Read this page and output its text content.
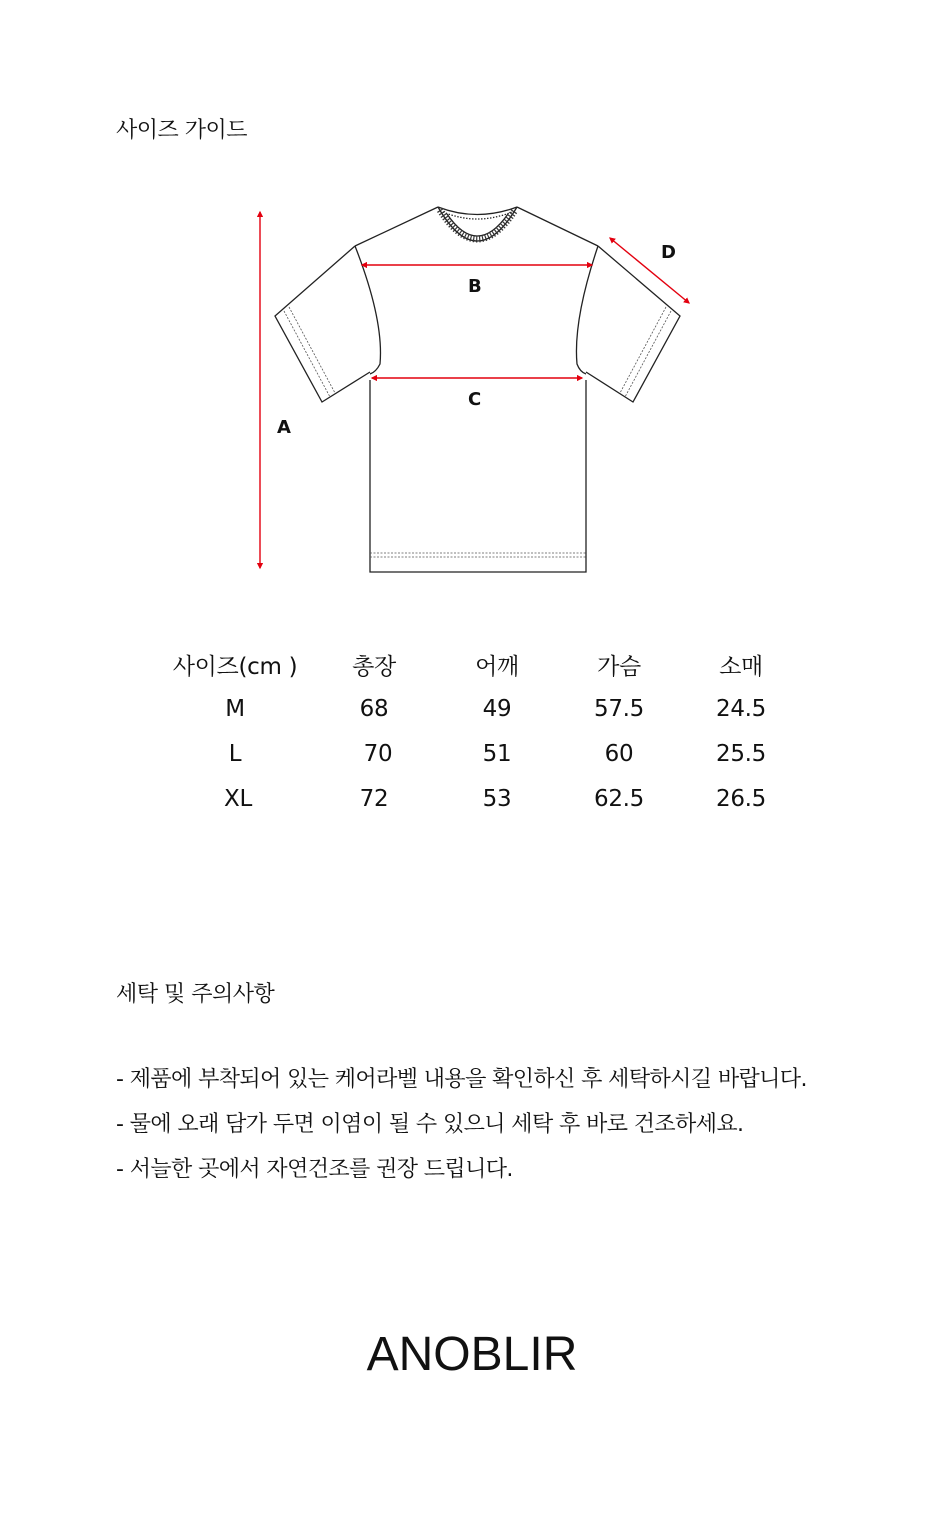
사이즈 가이드
A
B
C
D
사이즈(cm )	총장	어깨	가슴	소매
M	68	49	57.5	24.5
L	70	51	60	25.5
XL	72	53	62.5	26.5
세탁 및 주의사항
- 제품에 부착되어 있는 케어라벨 내용을 확인하신 후 세탁하시길 바랍니다.
- 물에 오래 담가 두면 이염이 될 수 있으니 세탁 후 바로 건조하세요.
- 서늘한 곳에서 자연건조를 권장 드립니다.
ANOBLIR
